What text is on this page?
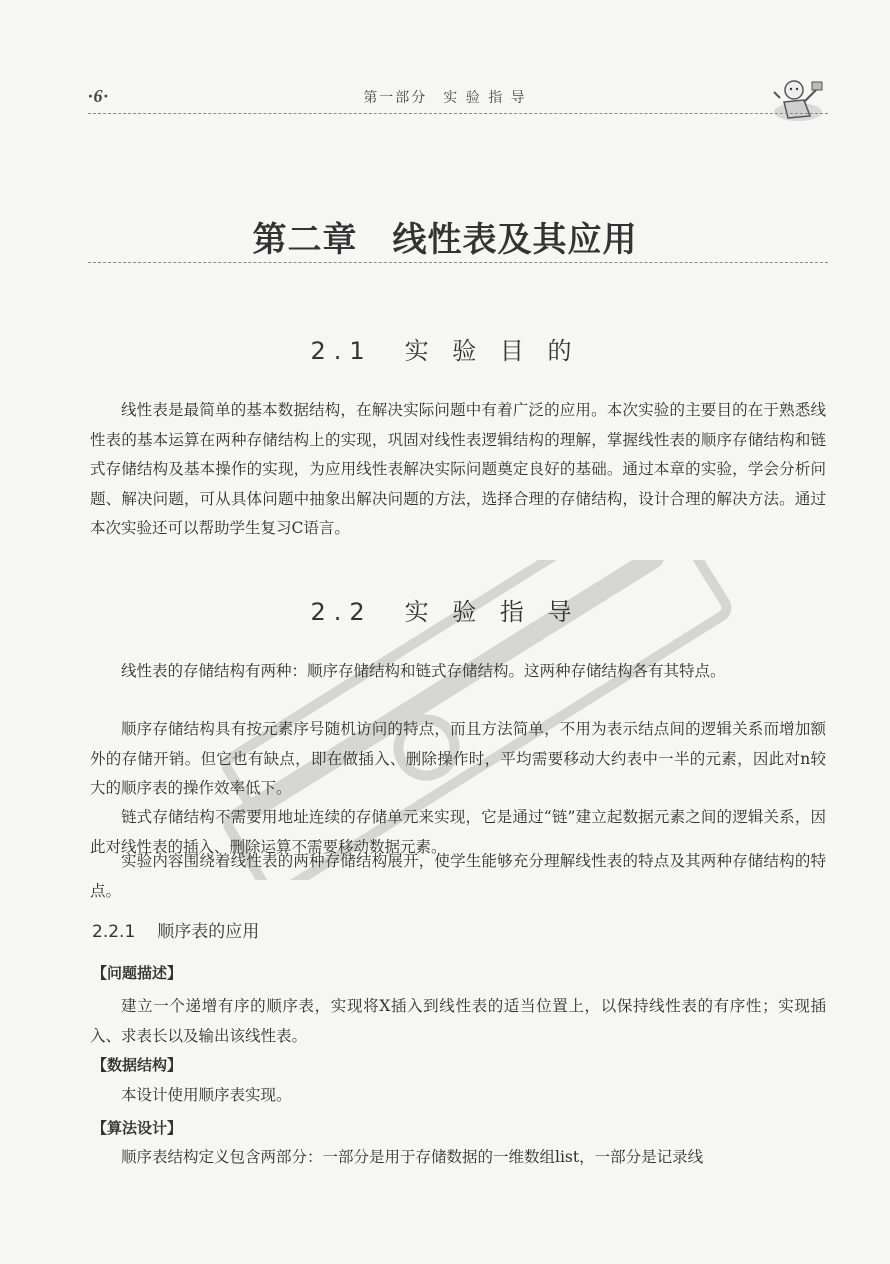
·6·	第一部分　实 验 指 导
第二章　线性表及其应用
2.1　实 验 目 的

线性表是最简单的基本数据结构，在解决实际问题中有着广泛的应用。本次实验的主要目的在于熟悉线性表的基本运算在两种存储结构上的实现，巩固对线性表逻辑结构的理解，掌握线性表的顺序存储结构和链式存储结构及基本操作的实现，为应用线性表解决实际问题奠定良好的基础。通过本章的实验，学会分析问题、解决问题，可从具体问题中抽象出解决问题的方法，选择合理的存储结构，设计合理的解决方法。通过本次实验还可以帮助学生复习C语言。

2.2　实 验 指 导

线性表的存储结构有两种：顺序存储结构和链式存储结构。这两种存储结构各有其特点。

顺序存储结构具有按元素序号随机访问的特点，而且方法简单，不用为表示结点间的逻辑关系而增加额外的存储开销。但它也有缺点，即在做插入、删除操作时，平均需要移动大约表中一半的元素，因此对n较大的顺序表的操作效率低下。

链式存储结构不需要用地址连续的存储单元来实现，它是通过“链”建立起数据元素之间的逻辑关系，因此对线性表的插入、删除运算不需要移动数据元素。

实验内容围绕着线性表的两种存储结构展开，使学生能够充分理解线性表的特点及其两种存储结构的特点。

2.2.1 顺序表的应用
【问题描述】

建立一个递增有序的顺序表，实现将X插入到线性表的适当位置上，以保持线性表的有序性；实现插入、求表长以及输出该线性表。

【数据结构】

本设计使用顺序表实现。

【算法设计】

顺序表结构定义包含两部分：一部分是用于存储数据的一维数组list，一部分是记录线
